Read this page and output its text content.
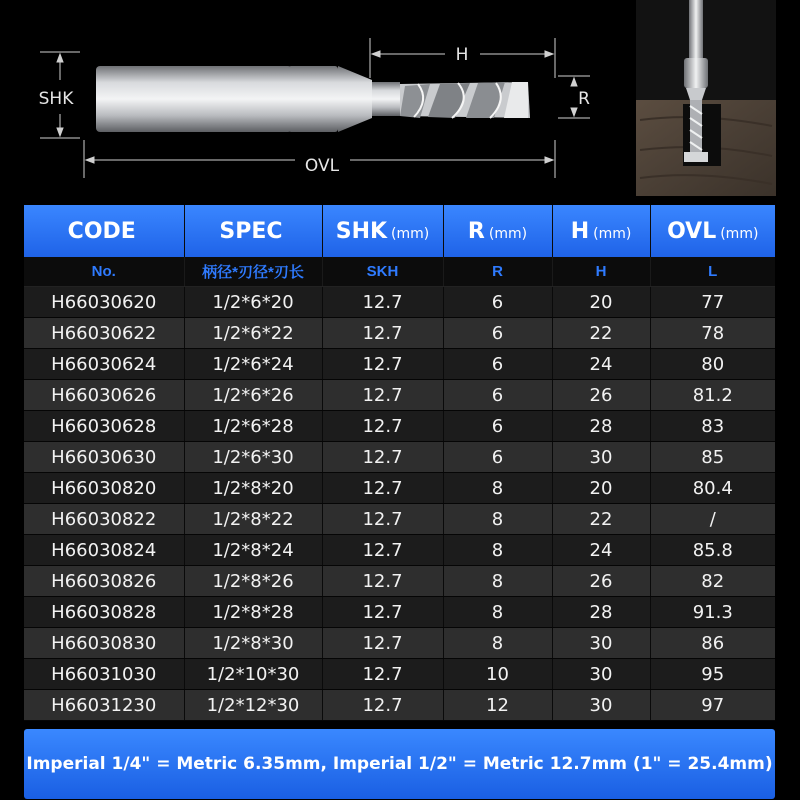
H
R
SHK
OVL
CODE	SPEC	SHK (mm)	R (mm)	H (mm)	OVL (mm)
No.	柄径*刃径*刃长	SKH	R	H	L
H66030620	1/2*6*20	12.7	6	20	77
H66030622	1/2*6*22	12.7	6	22	78
H66030624	1/2*6*24	12.7	6	24	80
H66030626	1/2*6*26	12.7	6	26	81.2
H66030628	1/2*6*28	12.7	6	28	83
H66030630	1/2*6*30	12.7	6	30	85
H66030820	1/2*8*20	12.7	8	20	80.4
H66030822	1/2*8*22	12.7	8	22	/
H66030824	1/2*8*24	12.7	8	24	85.8
H66030826	1/2*8*26	12.7	8	26	82
H66030828	1/2*8*28	12.7	8	28	91.3
H66030830	1/2*8*30	12.7	8	30	86
H66031030	1/2*10*30	12.7	10	30	95
H66031230	1/2*12*30	12.7	12	30	97
Imperial 1/4" = Metric 6.35mm, Imperial 1/2" = Metric 12.7mm (1" = 25.4mm)
